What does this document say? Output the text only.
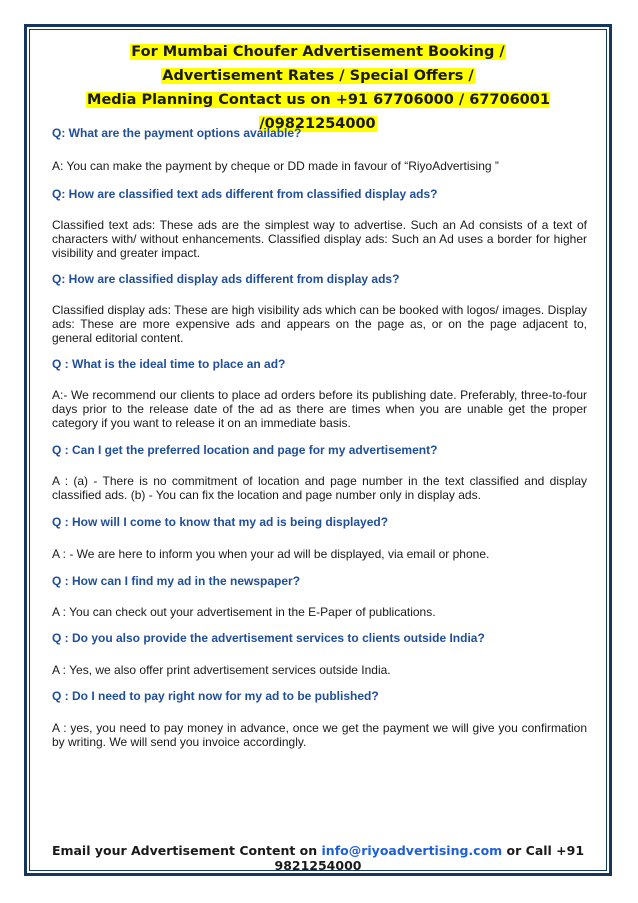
For Mumbai Choufer Advertisement Booking /
Advertisement Rates / Special Offers /
Media Planning Contact us on +91 67706000 / 67706001 /09821254000
Q: What are the payment options available?
A: You can make the payment by cheque or DD made in favour of “RiyoAdvertising ”
Q: How are classified text ads different from classified display ads?
Classified text ads: These ads are the simplest way to advertise. Such an Ad consists of a text of characters with/ without enhancements. Classified display ads: Such an Ad uses a border for higher visibility and greater impact.
Q: How are classified display ads different from display ads?
Classified display ads: These are high visibility ads which can be booked with logos/ images. Display ads: These are more expensive ads and appears on the page as, or on the page adjacent to, general editorial content.
Q : What is the ideal time to place an ad?
A:- We recommend our clients to place ad orders before its publishing date. Preferably, three-to-four days prior to the release date of the ad as there are times when you are unable get the proper category if you want to release it on an immediate basis.
Q : Can I get the preferred location and page for my advertisement?
A : (a) - There is no commitment of location and page number in the text classified and display classified ads. (b) - You can fix the location and page number only in display ads.
Q : How will I come to know that my ad is being displayed?
A : - We are here to inform you when your ad will be displayed, via email or phone.
Q : How can I find my ad in the newspaper?
A : You can check out your advertisement in the E-Paper of publications.
Q : Do you also provide the advertisement services to clients outside India?
A : Yes, we also offer print advertisement services outside India.
Q : Do I need to pay right now for my ad to be published?
A : yes, you need to pay money in advance, once we get the payment we will give you confirmation by writing. We will send you invoice accordingly.
Email your Advertisement Content on info@riyoadvertising.com or Call +91 9821254000
